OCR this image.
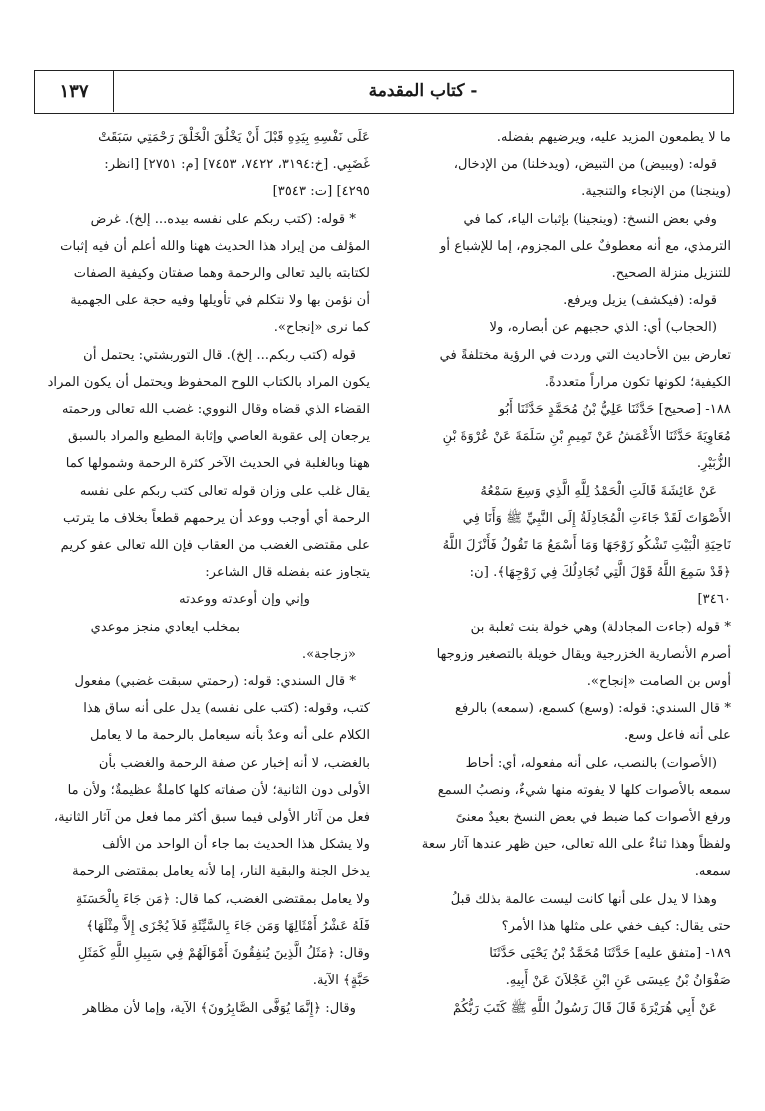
- كتاب المقدمة
١٣٧
ما لا يطمعون المزيد عليه، ويرضيهم بفضله.
قوله: (ويبيض) من التبيض، (ويدخلنا) من الإدخال،
(وينجنا) من الإنجاء والتنجية.
وفي بعض النسخ: (وينجينا) بإثبات الياء، كما في
الترمذي، مع أنه معطوفٌ على المجزوم، إما للإشباع أو
للتنزيل منزلة الصحيح.
قوله: (فيكشف) يزيل ويرفع.
(الحجاب) أي: الذي حجبهم عن أبصاره، ولا
تعارض بين الأحاديث التي وردت في الرؤية مختلفةً في
الكيفية؛ لكونها تكون مراراً متعددةً.
١٨٨- [صحيح] حَدَّثَنَا عَلِيُّ بْنُ مُحَمَّدٍ حَدَّثَنَا أَبُو
مُعَاوِيَةَ حَدَّثَنَا الأَعْمَشُ عَنْ تَمِيمِ بْنِ سَلَمَةَ عَنْ عُرْوَةَ بْنِ
الزُّبَيْرِ.
عَنْ عَائِشَةَ قَالَتِ الْحَمْدُ لِلَّهِ الَّذِي وَسِعَ سَمْعُهُ
الأَصْوَاتَ لَقَدْ جَاءَتِ الْمُجَادِلَةُ إِلَى النَّبِيِّ ﷺ وَأَنَا فِي
نَاحِيَةِ الْبَيْتِ تَشْكُو زَوْجَهَا وَمَا أَسْمَعُ مَا تَقُولُ فَأَنْزَلَ اللَّهُ
﴿قَدْ سَمِعَ اللَّهُ قَوْلَ الَّتِي تُجَادِلُكَ فِي زَوْجِهَا﴾. [ن:
٣٤٦٠]
* قوله (جاءت المجادلة) وهي خولة بنت ثعلبة بن
أصرم الأنصارية الخزرجية ويقال خويلة بالتصغير وزوجها
أوس بن الصامت «إنجاح».
* قال السندي: قوله: (وسع) كسمع، (سمعه) بالرفع
على أنه فاعل وسع.
(الأصوات) بالنصب، على أنه مفعوله، أي: أحاط
سمعه بالأصوات كلها لا يفوته منها شيءٌ، ونصبُ السمع
ورفع الأصوات كما ضبط في بعض النسخ بعيدٌ معنىً
ولفظاً وهذا ثناءٌ على الله تعالى، حين ظهر عندها آثار سعة
سمعه.
وهذا لا يدل على أنها كانت ليست عالمة بذلك قبلُ
حتى يقال: كيف خفي على مثلها هذا الأمر؟
١٨٩- [متفق عليه] حَدَّثَنَا مُحَمَّدُ بْنُ يَحْيَى حَدَّثَنَا
صَفْوَانُ بْنُ عِيسَى عَنِ ابْنِ عَجْلاَنَ عَنْ أَبِيهِ.
عَنْ أَبِي هُرَيْرَةَ قَالَ قَالَ رَسُولُ اللَّهِ ﷺ كَتَبَ رَبُّكُمْ
عَلَى نَفْسِهِ بِيَدِهِ قَبْلَ أَنْ يَخْلُقَ الْخَلْقَ رَحْمَتِي سَبَقَتْ
غَضَبِي. [خ:٣١٩٤، ٧٤٢٢، ٧٤٥٣] [م: ٢٧٥١] [انظر:
٤٢٩٥] [ت: ٣٥٤٣]
* قوله: (كتب ربكم على نفسه بيده... إلخ). غرض
المؤلف من إيراد هذا الحديث ههنا والله أعلم أن فيه إثبات
لكتابته باليد تعالى والرحمة وهما صفتان وكيفية الصفات
أن نؤمن بها ولا نتكلم في تأويلها وفيه حجة على الجهمية
كما نرى «إنجاح».
قوله (كتب ربكم... إلخ). قال التوربشتي: يحتمل أن
يكون المراد بالكتاب اللوح المحفوظ ويحتمل أن يكون المراد
القضاء الذي قضاه وقال النووي: غضب الله تعالى ورحمته
يرجعان إلى عقوبة العاصي وإثابة المطيع والمراد بالسبق
ههنا وبالغلبة في الحديث الآخر كثرة الرحمة وشمولها كما
يقال غلب على وزان قوله تعالى كتب ربكم على نفسه
الرحمة أي أوجب ووعد أن يرحمهم قطعاً بخلاف ما يترتب
على مقتضى الغضب من العقاب فإن الله تعالى عفو كريم
يتجاوز عنه بفضله قال الشاعر:
وإني وإن أوعدته ووعدته
بمخلب ايعادي منجز موعدي
«زجاجة».
* قال السندي: قوله: (رحمتي سبقت غضبي) مفعول
كتب، وقوله: (كتب على نفسه) يدل على أنه ساق هذا
الكلام على أنه وعدٌ بأنه سيعامل بالرحمة ما لا يعامل
بالغضب، لا أنه إخبار عن صفة الرحمة والغضب بأن
الأولى دون الثانية؛ لأن صفاته كلها كاملةٌ عظيمةٌ؛ ولأن ما
فعل من آثار الأولى فيما سبق أكثر مما فعل من آثار الثانية،
ولا يشكل هذا الحديث بما جاء أن الواحد من الألف
يدخل الجنة والبقية النار، إما لأنه يعامل بمقتضى الرحمة
ولا يعامل بمقتضى الغضب، كما قال: ﴿مَن جَاءَ بِالْحَسَنَةِ
فَلَهُ عَشْرُ أَمْثَالِهَا وَمَن جَاءَ بِالسَّيِّئَةِ فَلاَ يُجْزَى إِلاَّ مِثْلَهَا﴾
وقال: ﴿مَثَلُ الَّذِينَ يُنفِقُونَ أَمْوَالَهُمْ فِي سَبِيلِ اللَّهِ كَمَثَلِ
حَبَّةٍ﴾ الآية.
وقال: ﴿إِنَّمَا يُوَفَّى الصَّابِرُونَ﴾ الآية، وإما لأن مظاهر
